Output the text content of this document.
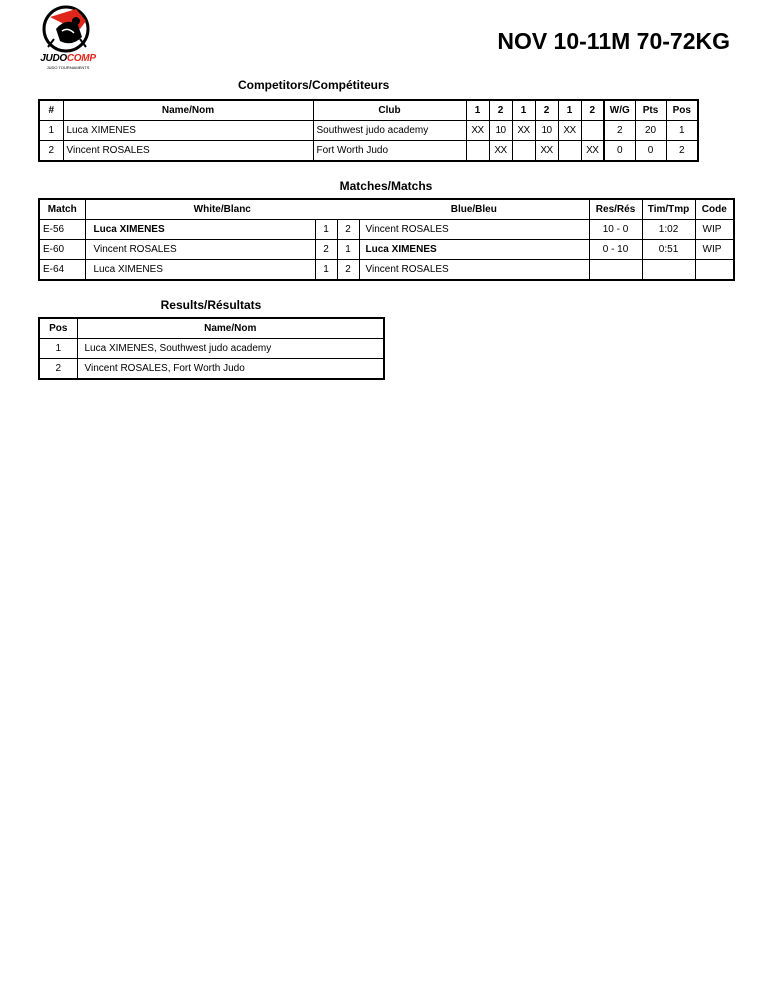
JUDOCOMP
JUDO TOURNAMENTS
NOV 10-11M 70-72KG
Competitors/Compétiteurs
#	Name/Nom	Club	1	2	1	2	1	2	W/G	Pts	Pos
1	Luca XIMENES	Southwest judo academy	XX	10	XX	10	XX		2	20	1
2	Vincent ROSALES	Fort Worth Judo		XX		XX		XX	0	0	2
Matches/Matchs
Match	White/Blanc			Blue/Bleu	Res/Rés	Tim/Tmp	Code
E-56	Luca XIMENES	1	2	Vincent ROSALES	10 - 0	1:02	WIP
E-60	Vincent ROSALES	2	1	Luca XIMENES	0 - 10	0:51	WIP
E-64	Luca XIMENES	1	2	Vincent ROSALES			
Results/Résultats
Pos	Name/Nom
1	Luca XIMENES, Southwest judo academy
2	Vincent ROSALES, Fort Worth Judo
